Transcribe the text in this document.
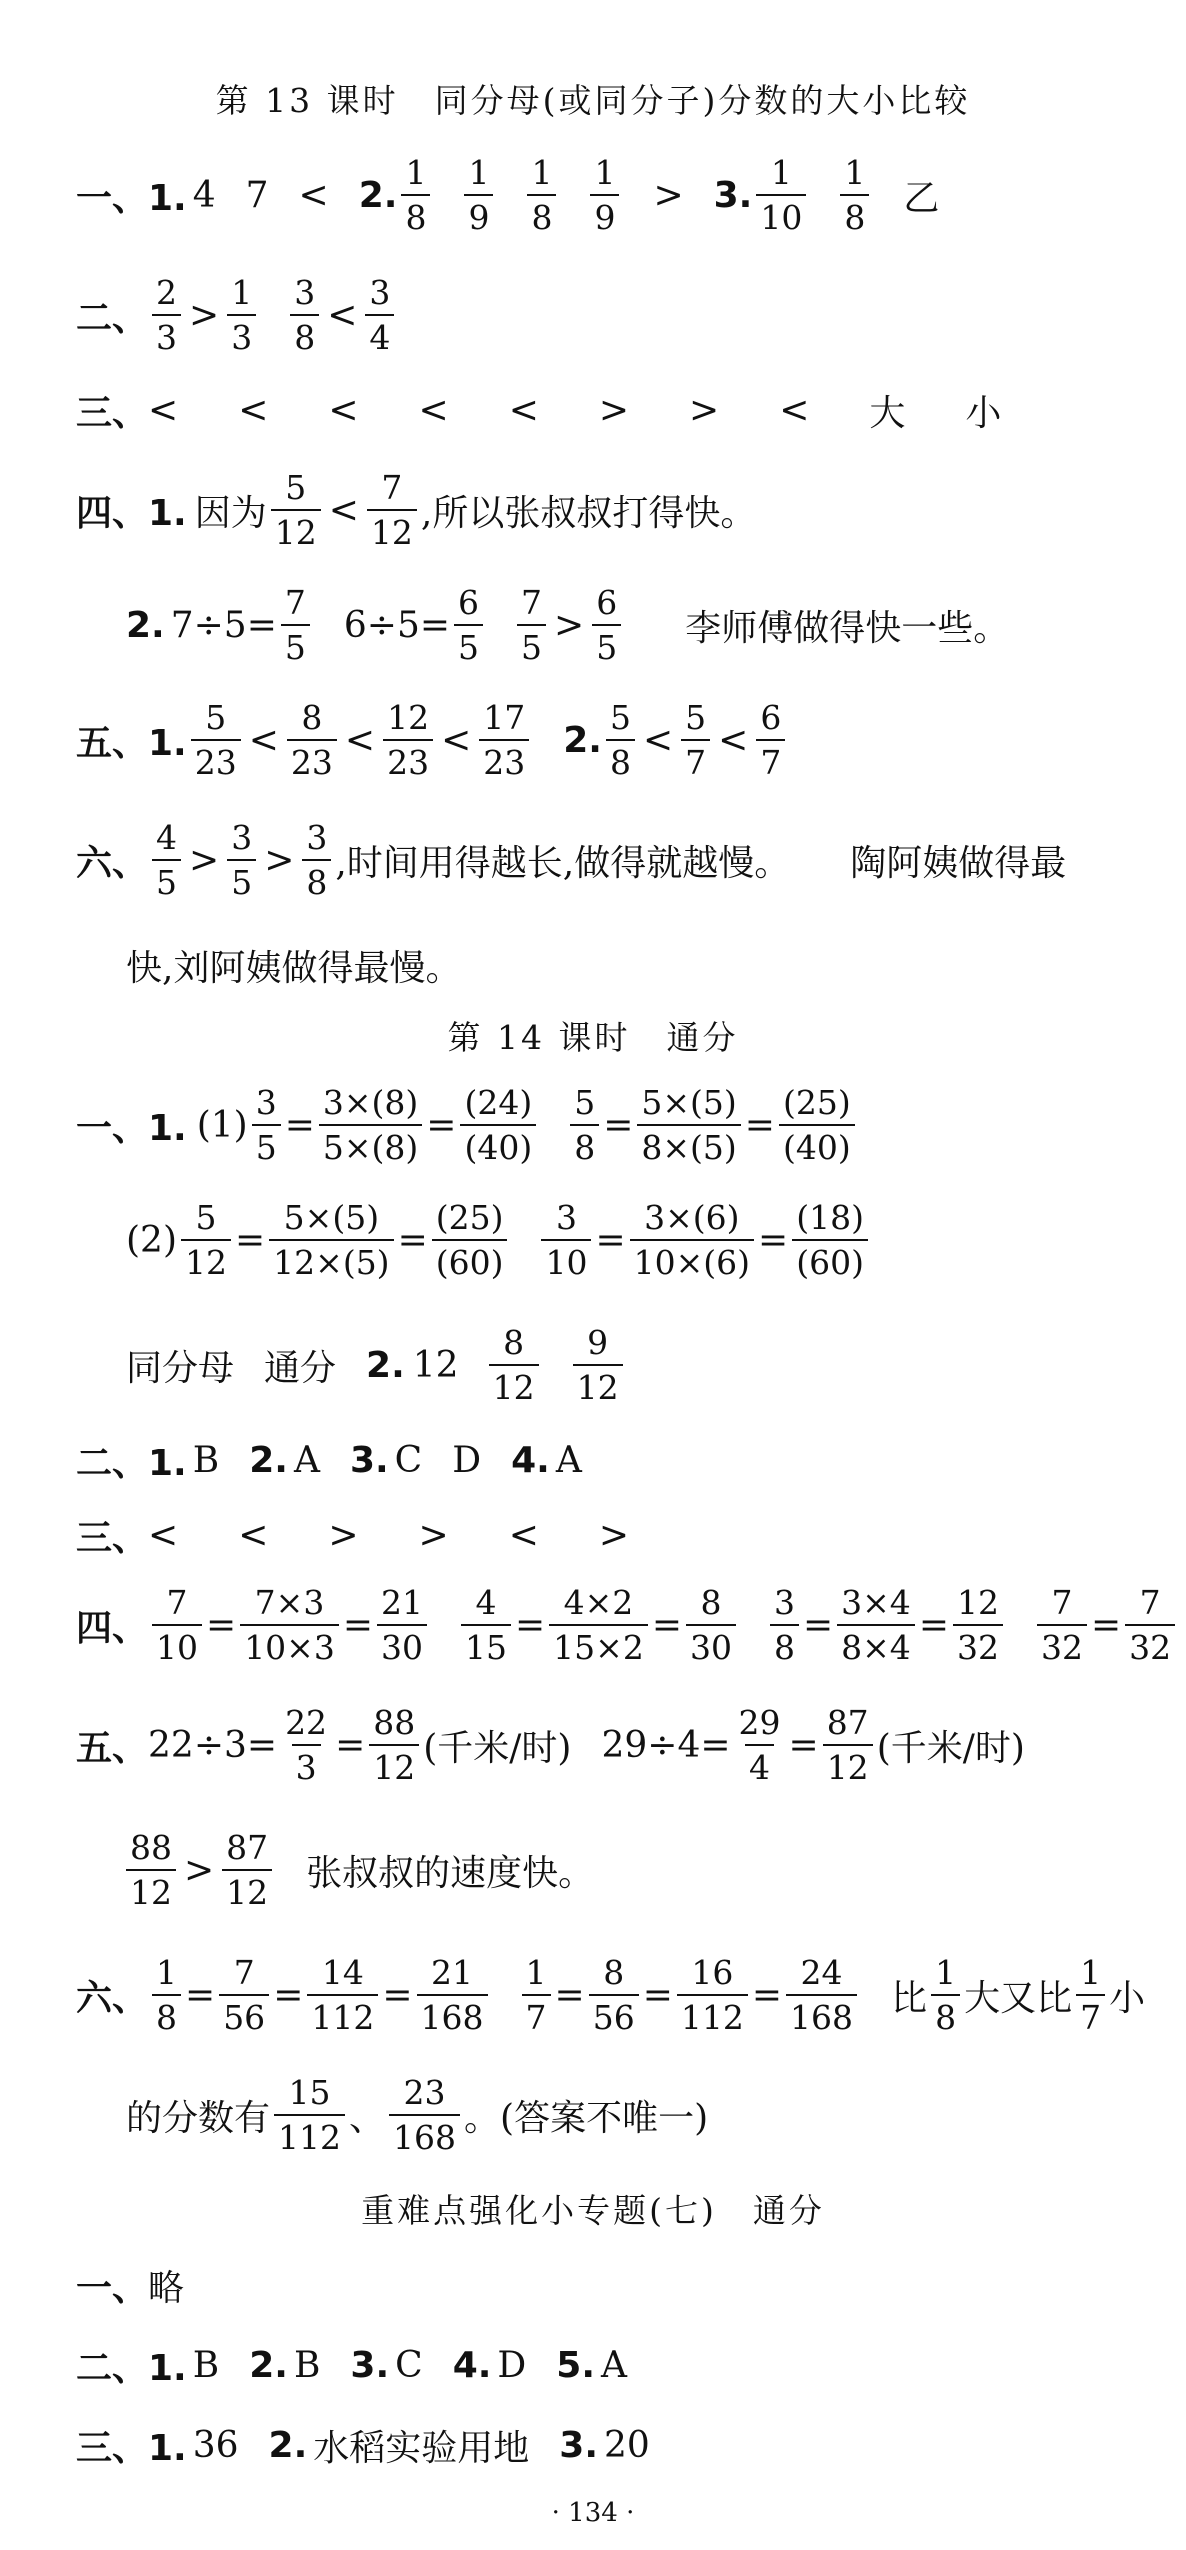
第 13 课时　同分母(或同分子)分数的大小比较
一、1. 4 7 < 2. $\frac{1}{8} \frac{1}{9} \frac{1}{8} \frac{1}{9} > 3$. $\frac{1}{10} \frac{1}{8}$ 乙
二、 $\frac{2}{3} > \frac{1}{3} \frac{3}{8} < \frac{3}{4}$
三、 < < < < < > > < 大 小
四、1. 因为 $\frac{5}{12} < \frac{7}{12}$ ,所以张叔叔打得快。
2. $7\div 5= \frac{7}{5} 6\div 5= \frac{6}{5} \frac{7}{5} > \frac{6}{5}$ 李师傅做得快一些。
五、1. $\frac{5}{23} < \frac{8}{23} < \frac{12}{23} < \frac{17}{23} 2$. $\frac{5}{8} < \frac{5}{7} < \frac{6}{7}$
六、 $\frac{4}{5} > \frac{3}{5} > \frac{3}{8}$ ,时间用得越长,做得就越慢。 陶阿姨做得最
快,刘阿姨做得最慢。
第 14 课时　通分
一、1. $(1) \frac{3}{5} = \frac{3\times(8)}{5\times(8)} = \frac{(24)}{(40)} \frac{5}{8} = \frac{5\times(5)}{8\times(5)} = \frac{(25)}{(40)}$
$(2) \frac{5}{12} = \frac{5\times(5)}{12\times(5)} = \frac{(25)}{(60)} \frac{3}{10} = \frac{3\times(6)}{10\times(6)} = \frac{(18)}{(60)}$
同分母 通分 2. $12 \frac{8}{12} \frac{9}{12}$
二、1. B 2. A 3. C D 4. A
三、 < < > > < >
四、 $\frac{7}{10} = \frac{7\times 3}{10\times 3} = \frac{21}{30} \frac{4}{15} = \frac{4\times 2}{15\times 2} = \frac{8}{30} \frac{3}{8} = \frac{3\times 4}{8\times 4} = \frac{12}{32} \frac{7}{32} = \frac{7}{32}$
五、 $22\div 3= \frac{22}{3} = \frac{88}{12}$ (千米/时) $29\div 4= \frac{29}{4} = \frac{87}{12}$ (千米/时)
$\frac{88}{12} > \frac{87}{12}$ 张叔叔的速度快。
六、 $\frac{1}{8} = \frac{7}{56} = \frac{14}{112} = \frac{21}{168} \frac{1}{7} = \frac{8}{56} = \frac{16}{112} = \frac{24}{168}$ 比 $\frac{1}{8}$ 大又比 $\frac{1}{7}$ 小
的分数有 $\frac{15}{112}$ 、 $\frac{23}{168}$ 。(答案不唯一)
重难点强化小专题(七)　通分
一、 略
二、1. B 2. B 3. C 4. D 5. A
三、1. 36 2. 水稻实验用地 3. 20
· 134 ·
